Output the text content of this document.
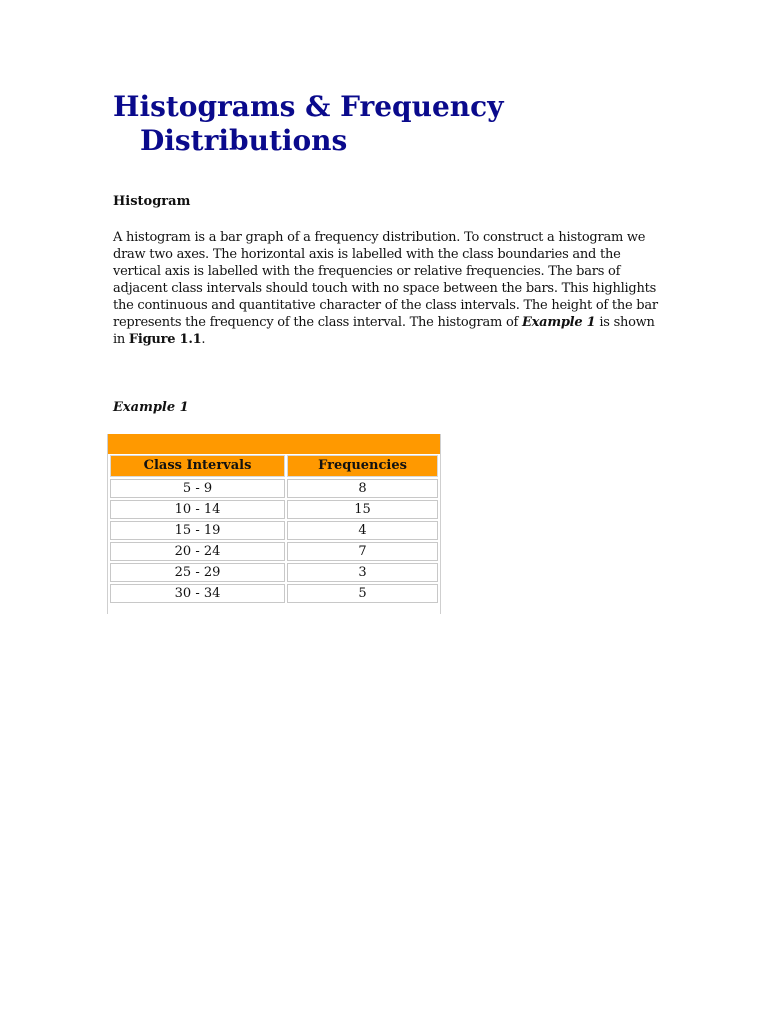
Histograms & Frequency
Distributions
Histogram

A histogram is a bar graph of a frequency distribution. To construct a histogram we draw two axes. The horizontal axis is labelled with the class boundaries and the vertical axis is labelled with the frequencies or relative frequencies. The bars of adjacent class intervals should touch with no space between the bars. This highlights the continuous and quantitative character of the class intervals. The height of the bar represents the frequency of the class interval. The histogram of Example 1 is shown in Figure 1.1.

Example 1
Class Intervals	Frequencies
5 - 9	8
10 - 14	15
15 - 19	4
20 - 24	7
25 - 29	3
30 - 34	5
